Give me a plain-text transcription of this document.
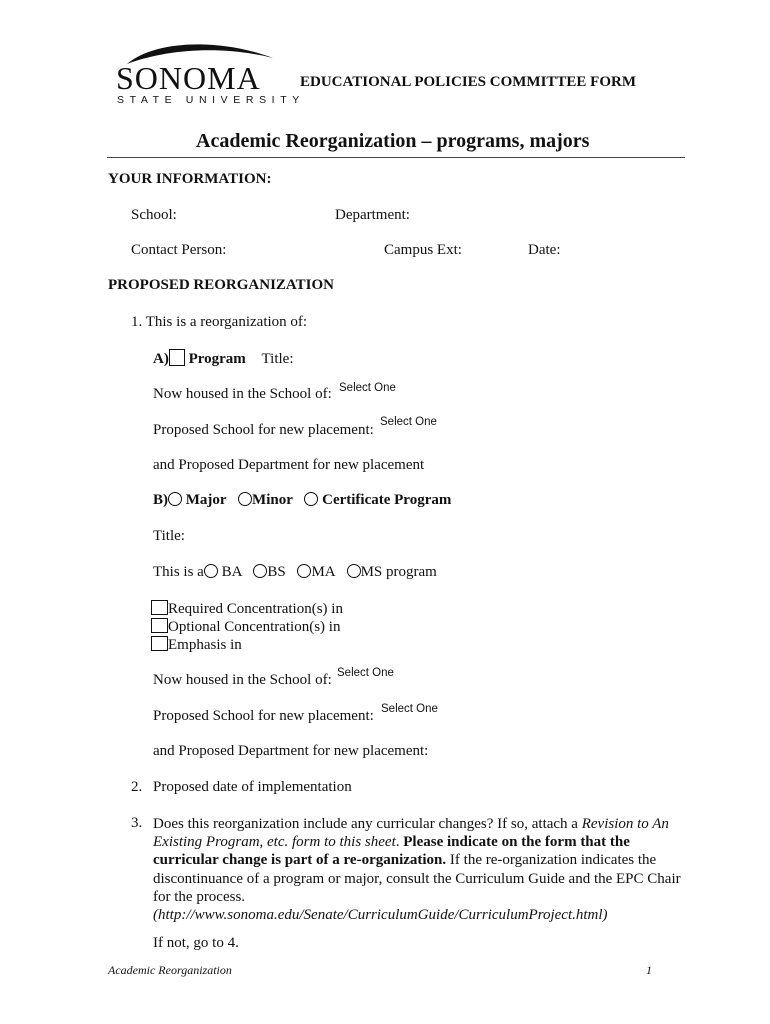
SONOMA
STATE UNIVERSITY
EDUCATIONAL POLICIES COMMITTEE FORM
Academic Reorganization – programs, majors
YOUR INFORMATION:
School:	Department:
Contact Person:	Campus Ext:	Date:
PROPOSED REORGANIZATION
1. This is a reorganization of:
A) Program Title:
Now housed in the School of: Select One
Proposed School for new placement: Select One
and Proposed Department for new placement
B) Major Minor Certificate Program
Title:
This is a BA BS MA MS program
Required Concentration(s) in
Optional Concentration(s) in
Emphasis in
Now housed in the School of: Select One
Proposed School for new placement: Select One
and Proposed Department for new placement:
2. Proposed date of implementation
3. Does this reorganization include any curricular changes? If so, attach a Revision to An Existing Program, etc. form to this sheet. Please indicate on the form that the curricular change is part of a re-organization. If the re-organization indicates the discontinuance of a program or major, consult the Curriculum Guide and the EPC Chair for the process.
(http://www.sonoma.edu/Senate/CurriculumGuide/CurriculumProject.html)
If not, go to 4.
Academic Reorganization	1
